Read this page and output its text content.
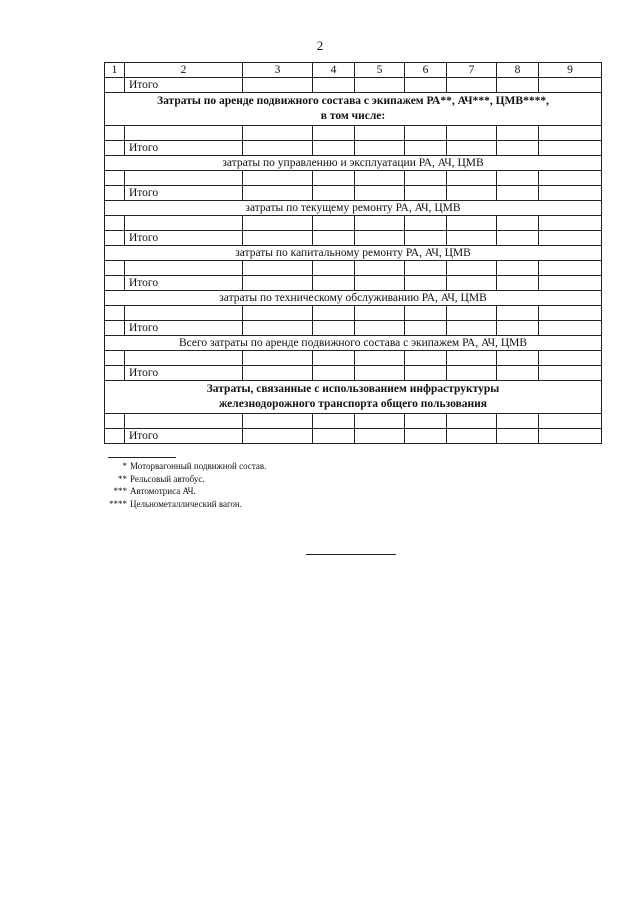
2
1	2	3	4	5	6	7	8	9
	Итого							
Затраты по аренде подвижного состава с экипажем РА**, АЧ***, ЦМВ****,
в том числе:								

	Итого							
затраты по управлению и эксплуатации РА, АЧ, ЦМВ								

	Итого							
затраты по текущему ремонту РА, АЧ, ЦМВ								

	Итого							
затраты по капитальному ремонту РА, АЧ, ЦМВ								

	Итого							
затраты по техническому обслуживанию РА, АЧ, ЦМВ								

	Итого							
Всего затраты по аренде подвижного состава с экипажем РА, АЧ, ЦМВ								

	Итого							
Затраты, связанные с использованием инфраструктуры
железнодорожного транспорта общего пользования								

	Итого							
* Моторвагонный подвижной состав.
** Рельсовый автобус.
*** Автомотриса АЧ.
**** Цельнометаллический вагон.
